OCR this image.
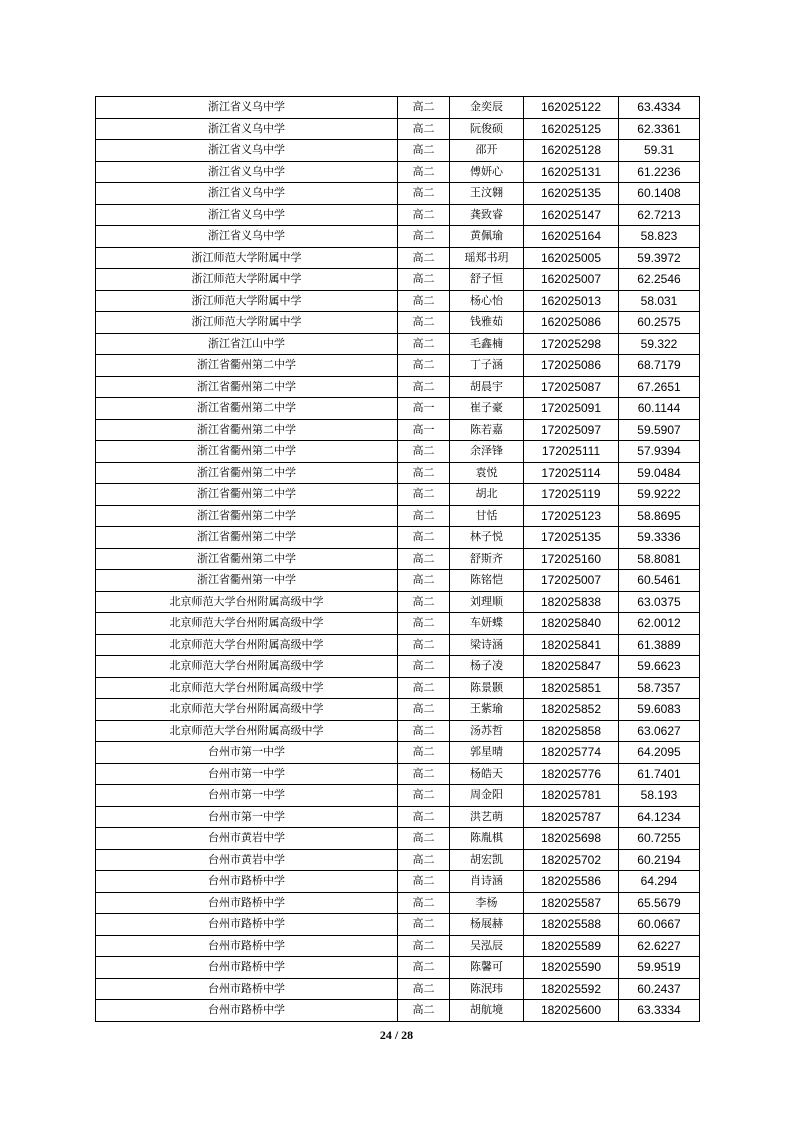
浙江省义乌中学	高二	金奕辰	162025122	63.4334
浙江省义乌中学	高二	阮俊硕	162025125	62.3361
浙江省义乌中学	高二	邵开	162025128	59.31
浙江省义乌中学	高二	傅妍心	162025131	61.2236
浙江省义乌中学	高二	王汶翱	162025135	60.1408
浙江省义乌中学	高二	龚致睿	162025147	62.7213
浙江省义乌中学	高二	黄佩瑜	162025164	58.823
浙江师范大学附属中学	高二	瑶郑书玥	162025005	59.3972
浙江师范大学附属中学	高二	舒子恒	162025007	62.2546
浙江师范大学附属中学	高二	杨心怡	162025013	58.031
浙江师范大学附属中学	高二	钱雅茹	162025086	60.2575
浙江省江山中学	高二	毛鑫楠	172025298	59.322
浙江省衢州第二中学	高二	丁子涵	172025086	68.7179
浙江省衢州第二中学	高二	胡晨宇	172025087	67.2651
浙江省衢州第二中学	高一	崔子豪	172025091	60.1144
浙江省衢州第二中学	高一	陈若嘉	172025097	59.5907
浙江省衢州第二中学	高二	余泽锋	172025111	57.9394
浙江省衢州第二中学	高二	袁悦	172025114	59.0484
浙江省衢州第二中学	高二	胡北	172025119	59.9222
浙江省衢州第二中学	高二	甘恬	172025123	58.8695
浙江省衢州第二中学	高二	林子悦	172025135	59.3336
浙江省衢州第二中学	高二	舒斯齐	172025160	58.8081
浙江省衢州第一中学	高二	陈铭恺	172025007	60.5461
北京师范大学台州附属高级中学	高二	刘理顺	182025838	63.0375
北京师范大学台州附属高级中学	高二	车妍蝶	182025840	62.0012
北京师范大学台州附属高级中学	高二	梁诗涵	182025841	61.3889
北京师范大学台州附属高级中学	高二	杨子凌	182025847	59.6623
北京师范大学台州附属高级中学	高二	陈景颢	182025851	58.7357
北京师范大学台州附属高级中学	高二	王紫瑜	182025852	59.6083
北京师范大学台州附属高级中学	高二	汤苏哲	182025858	63.0627
台州市第一中学	高二	郭星晴	182025774	64.2095
台州市第一中学	高二	杨皓天	182025776	61.7401
台州市第一中学	高二	周金阳	182025781	58.193
台州市第一中学	高二	洪艺萌	182025787	64.1234
台州市黄岩中学	高二	陈胤棋	182025698	60.7255
台州市黄岩中学	高二	胡宏凯	182025702	60.2194
台州市路桥中学	高二	肖诗涵	182025586	64.294
台州市路桥中学	高二	李杨	182025587	65.5679
台州市路桥中学	高二	杨展赫	182025588	60.0667
台州市路桥中学	高二	吴泓辰	182025589	62.6227
台州市路桥中学	高二	陈馨可	182025590	59.9519
台州市路桥中学	高二	陈泯玮	182025592	60.2437
台州市路桥中学	高二	胡航境	182025600	63.3334
24 / 28
